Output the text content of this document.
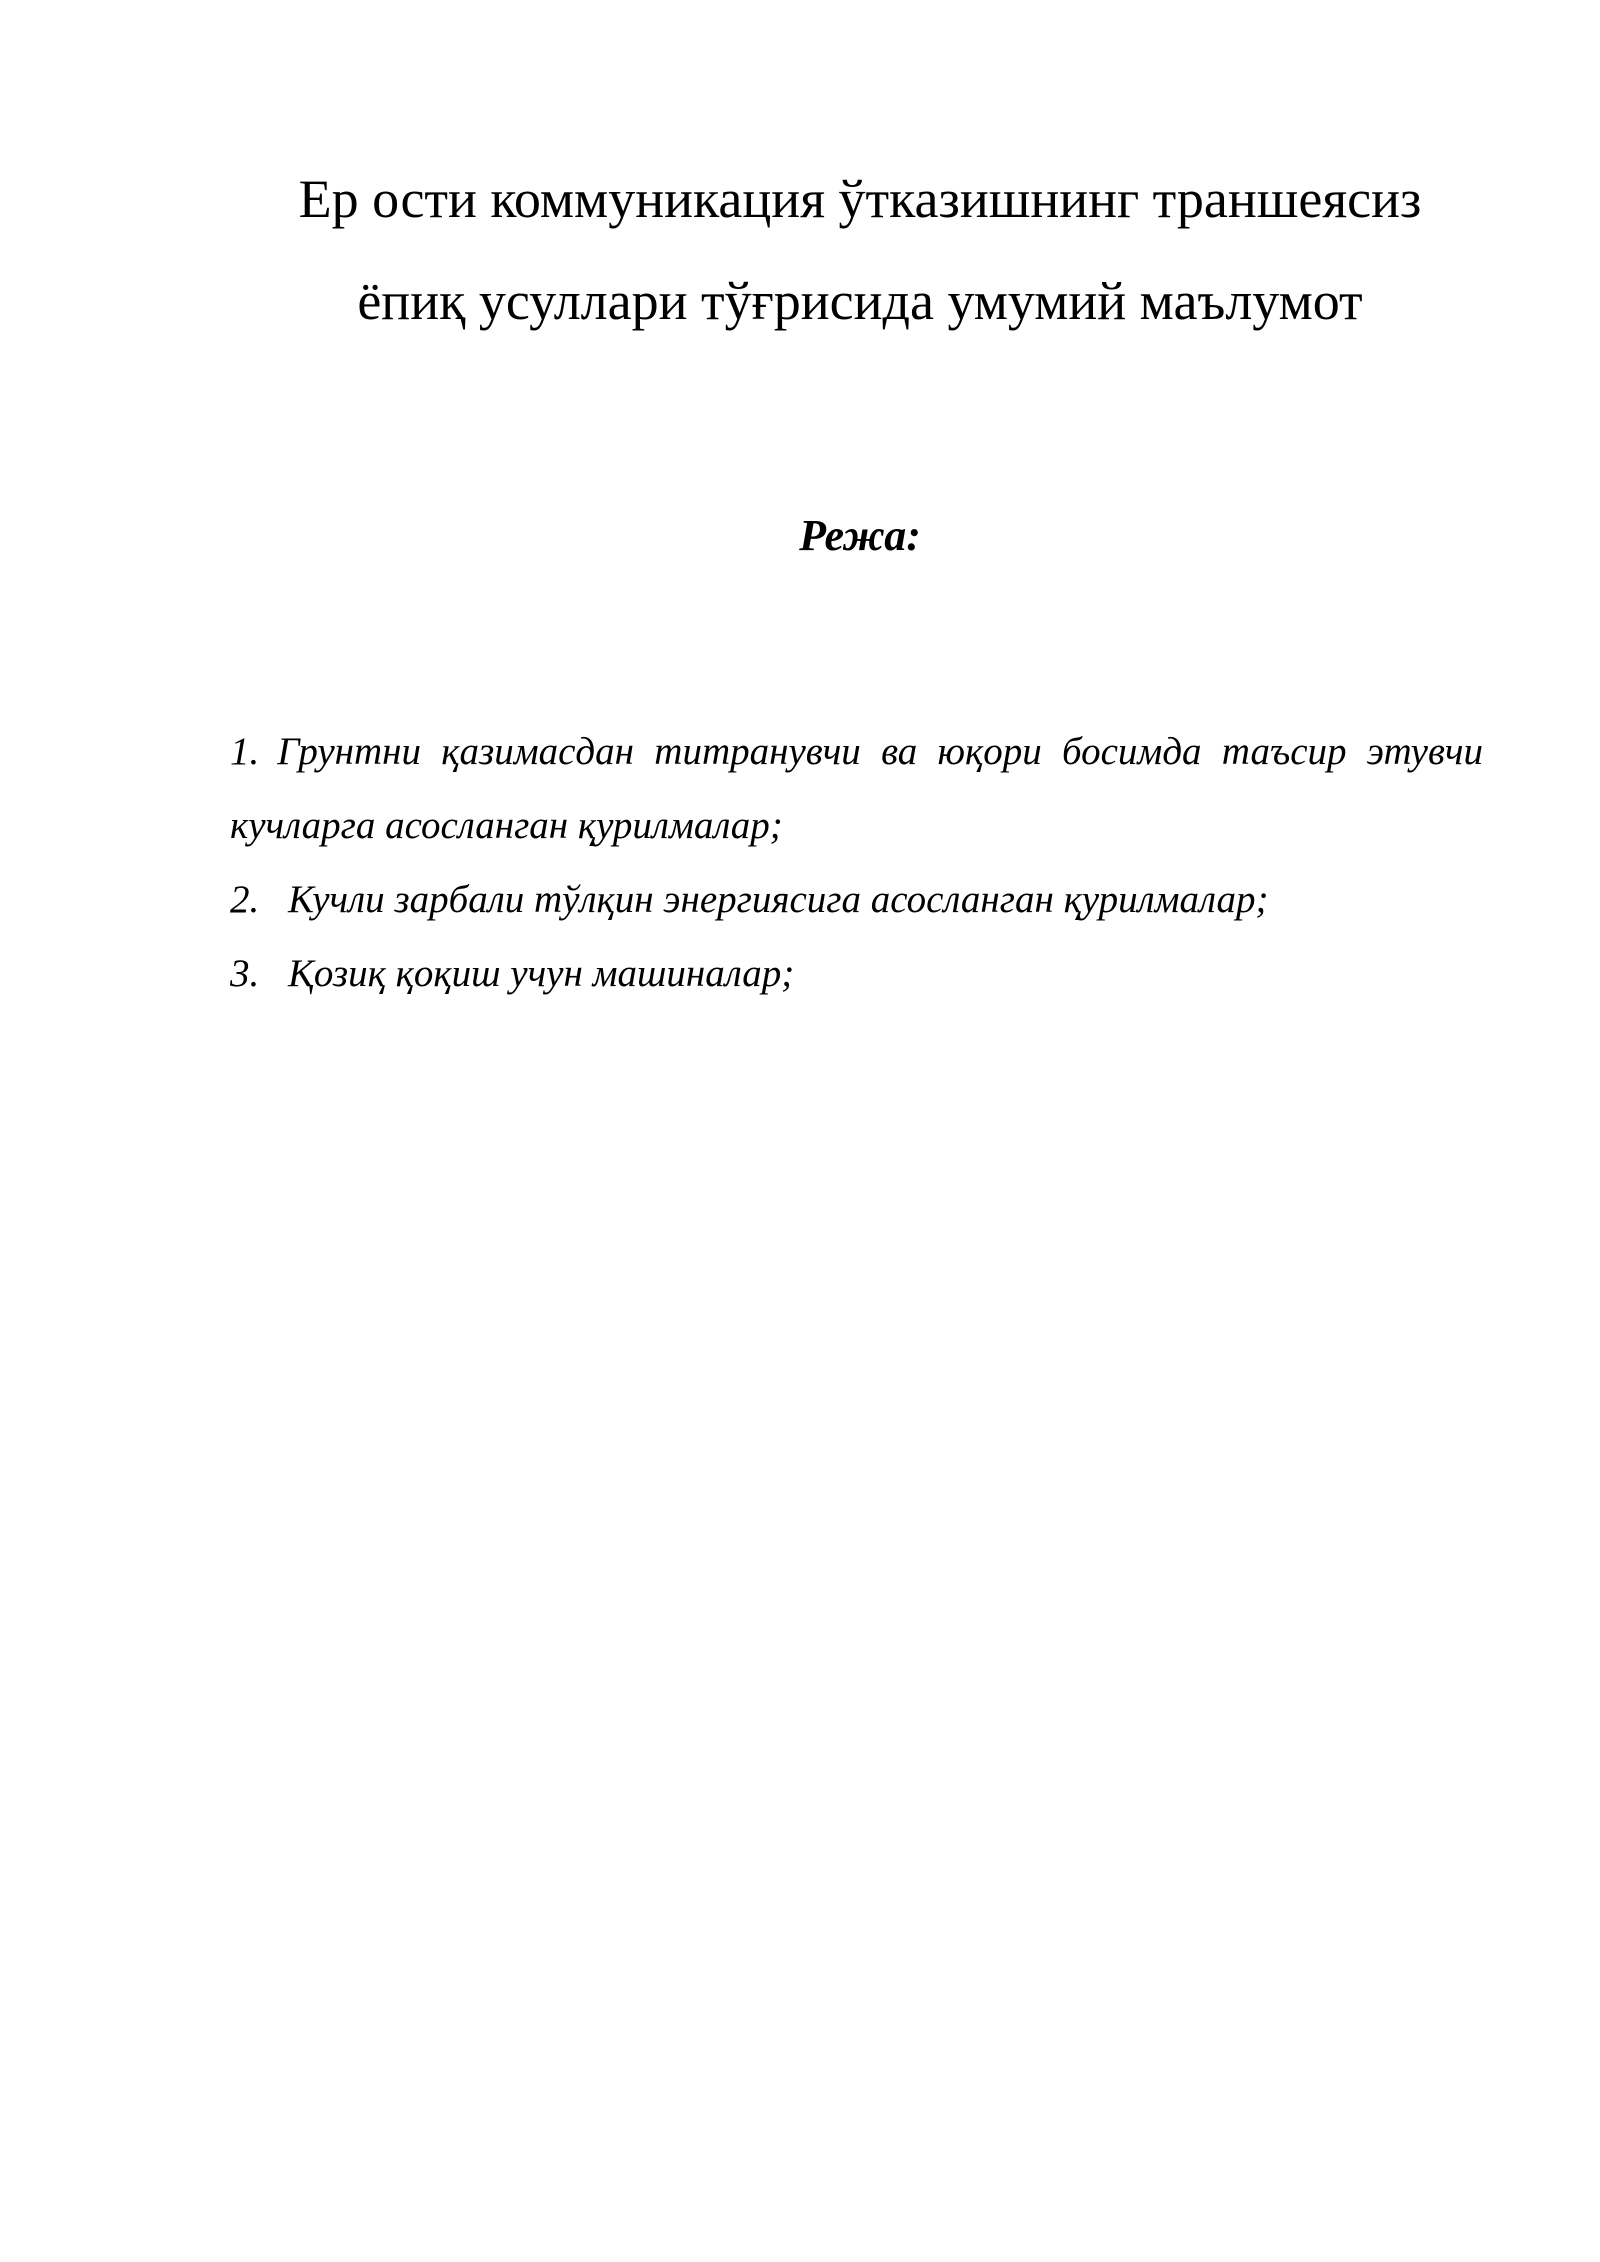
Ер ости коммуникация ўтказишнинг траншеясиз
ёпиқ усуллари тўғрисида умумий маълумот
Режа:
1. Грунтни қазимасдан титранувчи ва юқори босимда таъсир этувчи кучларга асосланган қурилмалар;
2. Кучли зарбали тўлқин энергиясига асосланган қурилмалар;
3. Қозиқ қоқиш учун машиналар;
